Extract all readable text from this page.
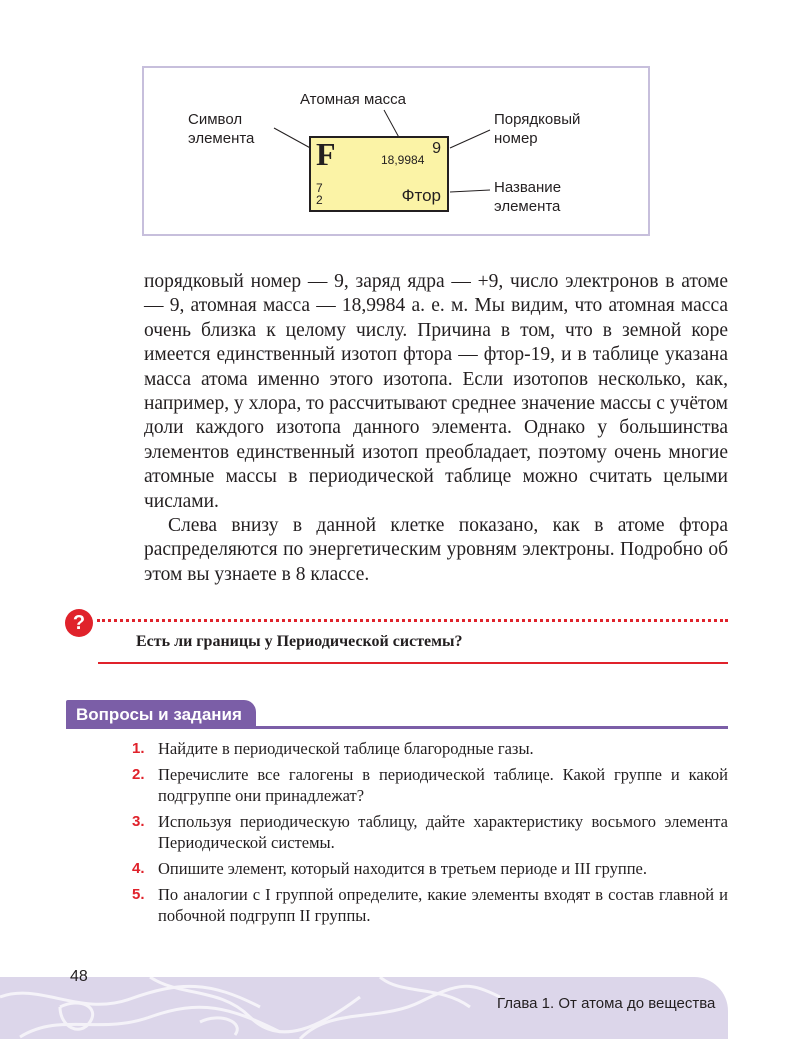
Атомная масса
Символ
элемента
Порядковый
номер
Название
элемента
F	18,9984
9
7
2	Фтор

порядковый номер — 9, заряд ядра — +9, число электронов в атоме — 9, атомная масса — 18,9984 а. е. м. Мы видим, что атомная масса очень близка к целому числу. Причина в том, что в земной коре имеется единственный изотоп фтора — фтор-19, и в таблице указана масса атома именно этого изотопа. Если изотопов несколько, как, например, у хлора, то рассчитывают среднее значение массы с учётом доли каждого изотопа данного элемента. Однако у большинства элементов единственный изотоп преобладает, поэтому очень многие атомные массы в периодической таблице можно считать целыми числами.

Слева внизу в данной клетке показано, как в атоме фтора распределяются по энергетическим уровням электроны. Подробно об этом вы узнаете в 8 классе.

?
Есть ли границы у Периодической системы?
Вопросы и задания
1. Найдите в периодической таблице благородные газы.
2. Перечислите все галогены в периодической таблице. Какой группе и какой подгруппе они принадлежат?
3. Используя периодическую таблицу, дайте характеристику восьмого элемента Периодической системы.
4. Опишите элемент, который находится в третьем периоде и III группе.
5. По аналогии с I группой определите, какие элементы входят в состав главной и побочной подгрупп II группы.
48
Глава 1. От атома до вещества
